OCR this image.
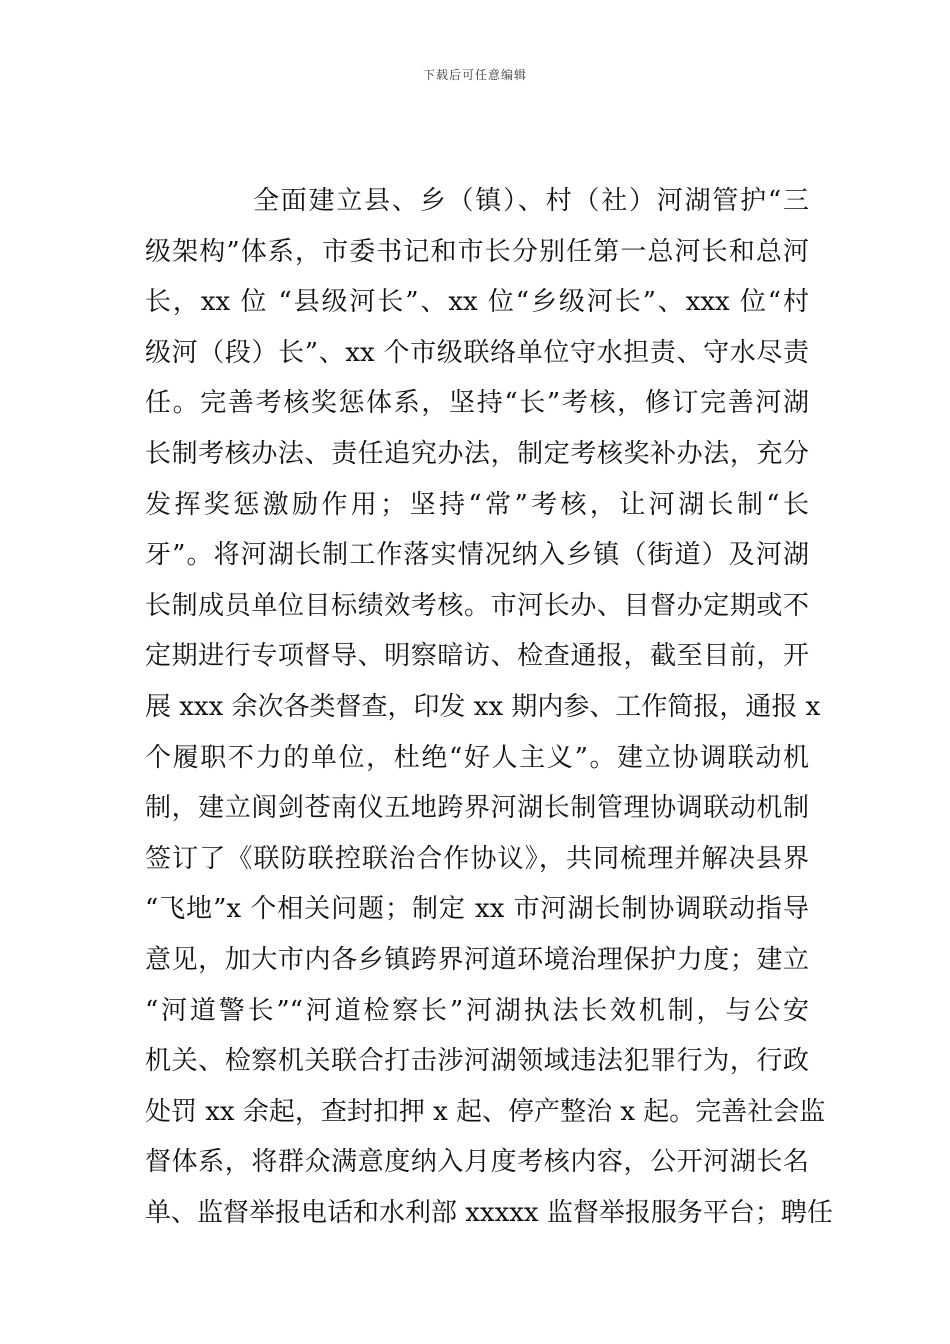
下载后可任意编辑
全面建立县、乡（镇）、村（社）河湖管护“三
级架构”体系，市委书记和市长分别任第一总河长和总河
长，xx 位 “县级河长”、xx 位“乡级河长”、xxx 位“村
级河（段）长”、xx 个市级联络单位守水担责、守水尽责
任。完善考核奖惩体系，坚持“长”考核，修订完善河湖
长制考核办法、责任追究办法，制定考核奖补办法，充分
发挥奖惩激励作用；坚持“常”考核，让河湖长制“长
牙”。将河湖长制工作落实情况纳入乡镇（街道）及河湖
长制成员单位目标绩效考核。市河长办、目督办定期或不
定期进行专项督导、明察暗访、检查通报，截至目前，开
展 xxx 余次各类督查，印发 xx 期内参、工作简报，通报 x
个履职不力的单位，杜绝“好人主义”。建立协调联动机
制，建立阆剑苍南仪五地跨界河湖长制管理协调联动机制
签订了《联防联控联治合作协议》，共同梳理并解决县界
“飞地”x 个相关问题；制定 xx 市河湖长制协调联动指导
意见，加大市内各乡镇跨界河道环境治理保护力度；建立
“河道警长”“河道检察长”河湖执法长效机制，与公安
机关、检察机关联合打击涉河湖领域违法犯罪行为，行政
处罚 xx 余起，查封扣押 x 起、停产整治 x 起。完善社会监
督体系，将群众满意度纳入月度考核内容，公开河湖长名
单、监督举报电话和水利部 xxxxx 监督举报服务平台；聘任
